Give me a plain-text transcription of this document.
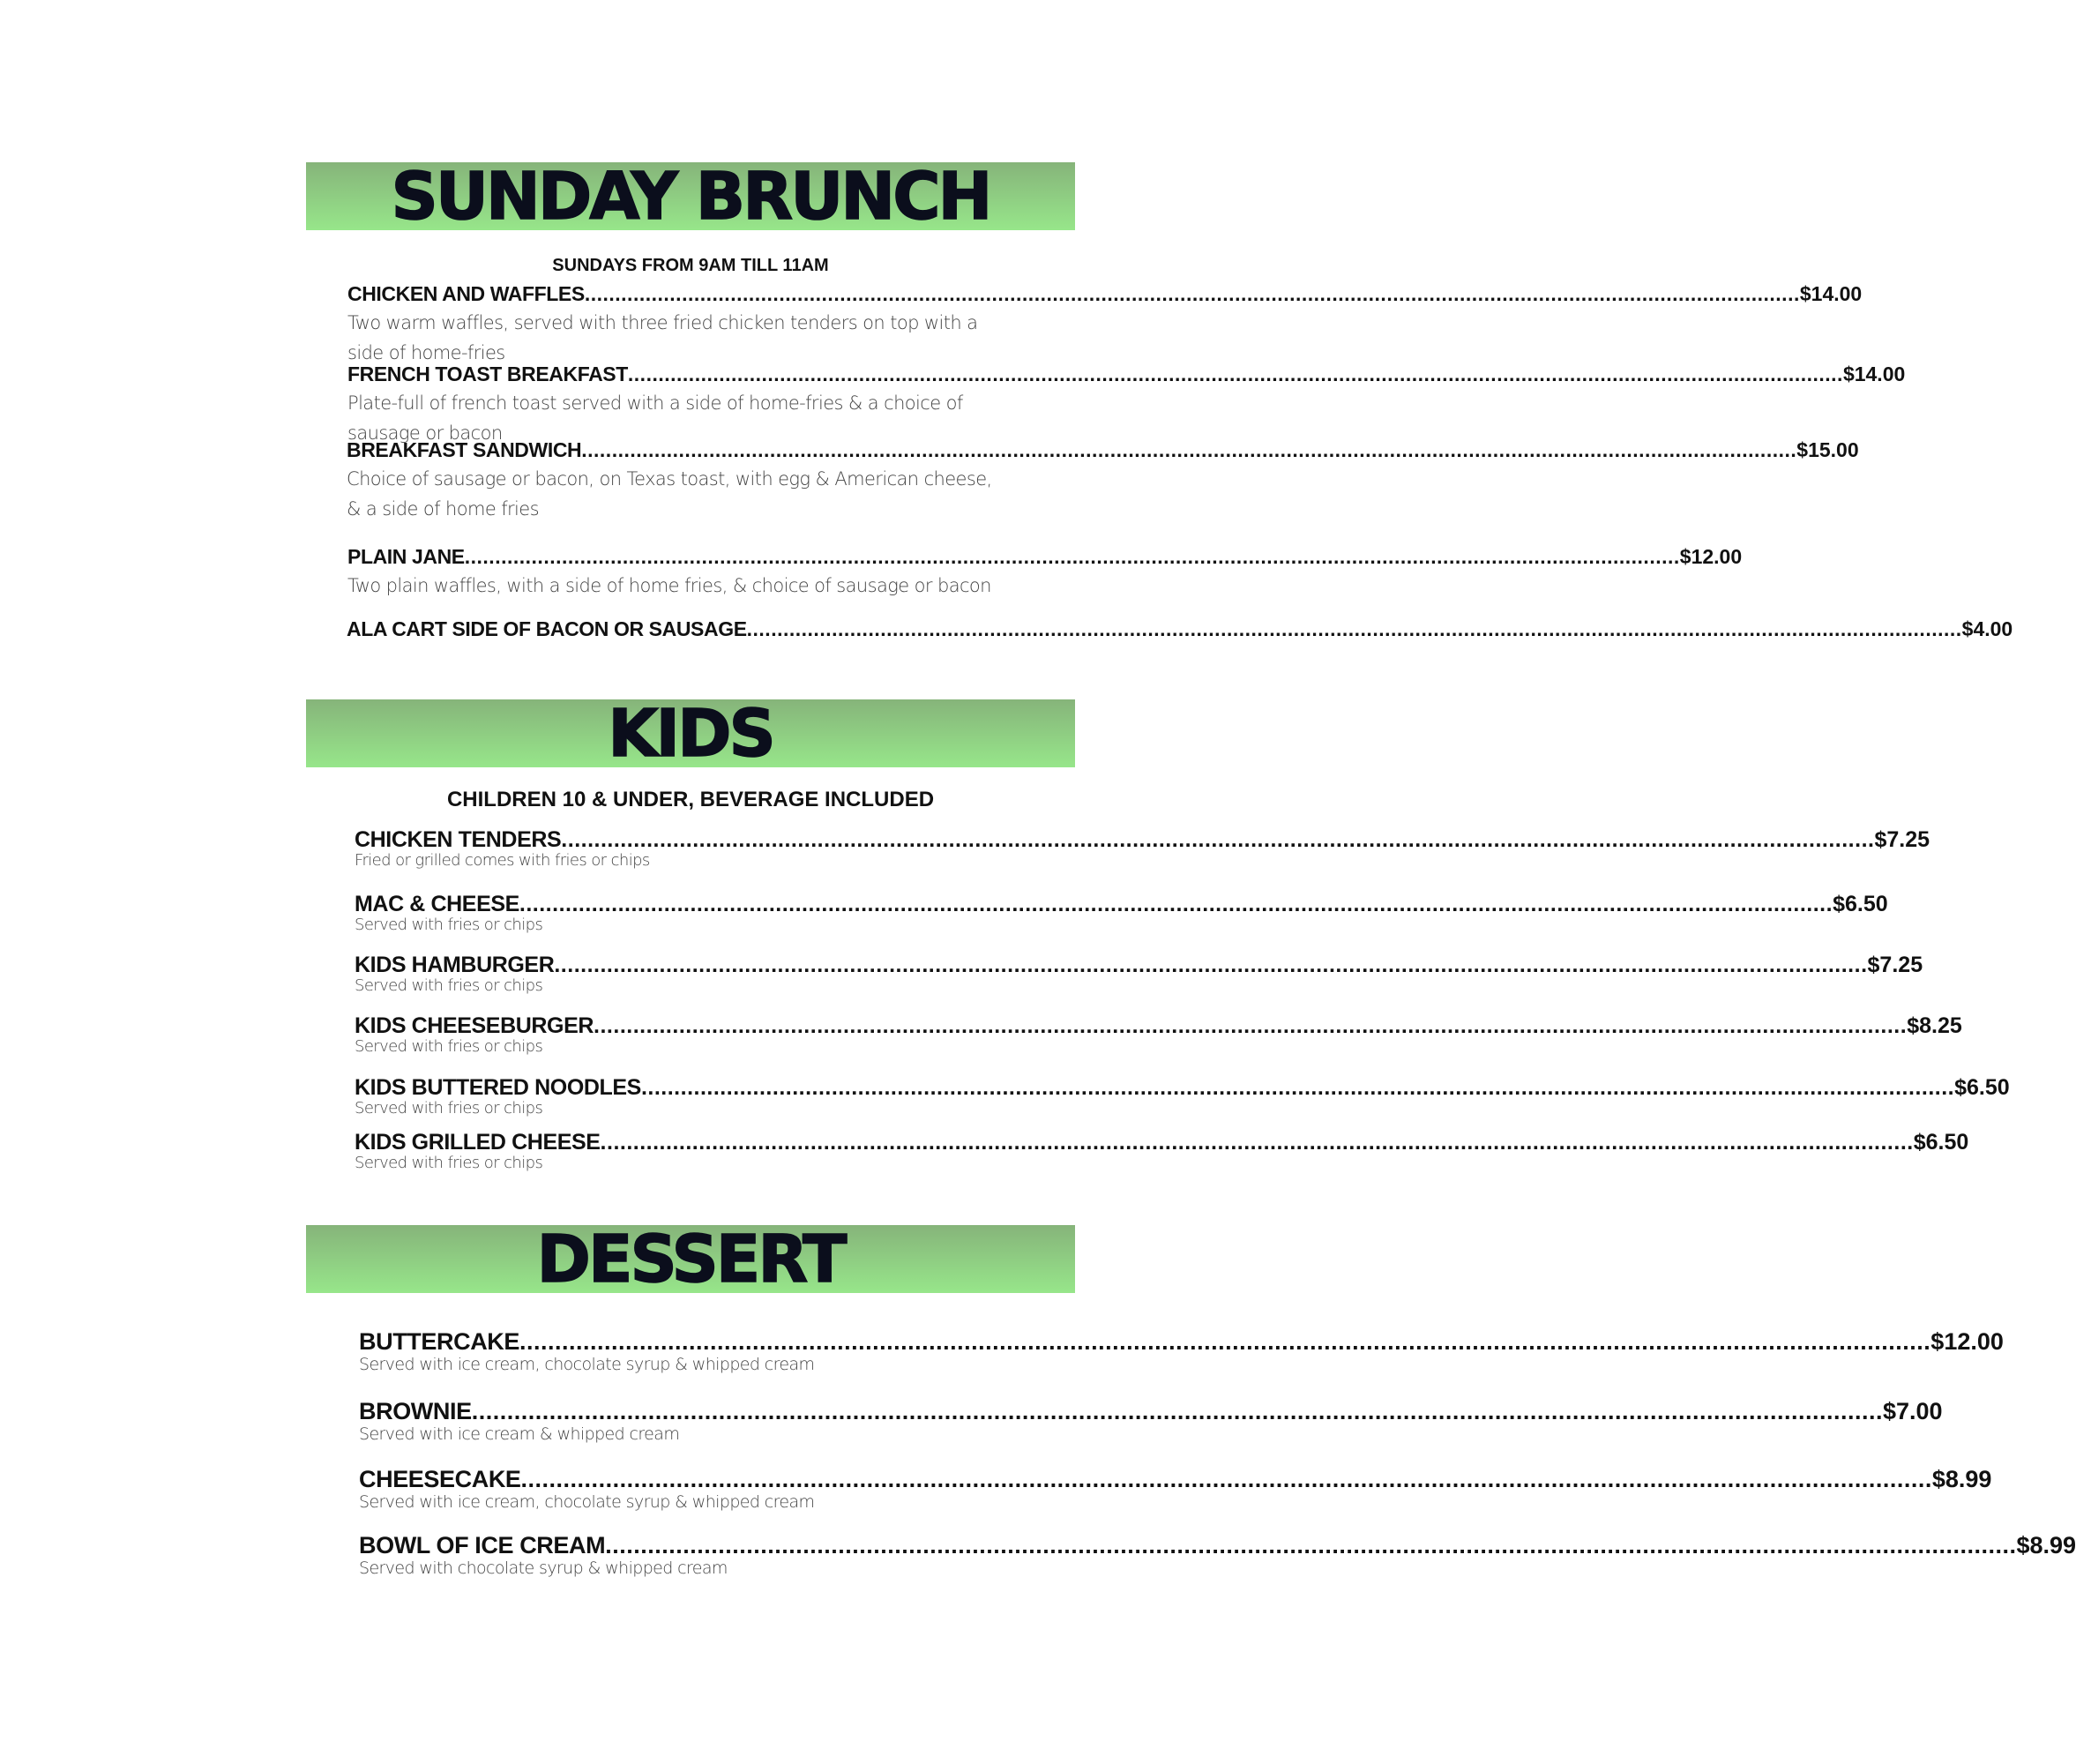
SUNDAY BRUNCH
SUNDAYS FROM 9AM TILL 11AM
CHICKEN AND WAFFLES ........................................................................................................................................................................................................ $14.00
Two warm waffles, served with three fried chicken tenders on top with a side of home-fries
FRENCH TOAST BREAKFAST ........................................................................................................................................................................................................ $14.00
Plate-full of french toast served with a side of home-fries & a choice of sausage or bacon
BREAKFAST SANDWICH ........................................................................................................................................................................................................ $15.00
Choice of sausage or bacon, on Texas toast, with egg & American cheese, & a side of home fries
PLAIN JANE ........................................................................................................................................................................................................ $12.00
Two plain waffles, with a side of home fries, & choice of sausage or bacon
ALA CART SIDE OF BACON OR SAUSAGE ........................................................................................................................................................................................................ $4.00
KIDS
CHILDREN 10 & UNDER, BEVERAGE INCLUDED
CHICKEN TENDERS ........................................................................................................................................................................................................ $7.25
Fried or grilled comes with fries or chips
MAC & CHEESE ........................................................................................................................................................................................................ $6.50
Served with fries or chips
KIDS HAMBURGER ........................................................................................................................................................................................................ $7.25
Served with fries or chips
KIDS CHEESEBURGER ........................................................................................................................................................................................................ $8.25
Served with fries or chips
KIDS BUTTERED NOODLES ........................................................................................................................................................................................................ $6.50
Served with fries or chips
KIDS GRILLED CHEESE ........................................................................................................................................................................................................ $6.50
Served with fries or chips
DESSERT
BUTTERCAKE ........................................................................................................................................................................................................ $12.00
Served with ice cream, chocolate syrup & whipped cream
BROWNIE ........................................................................................................................................................................................................ $7.00
Served with ice cream & whipped cream
CHEESECAKE ........................................................................................................................................................................................................ $8.99
Served with ice cream, chocolate syrup & whipped cream
BOWL OF ICE CREAM ........................................................................................................................................................................................................ $8.99
Served with chocolate syrup & whipped cream
